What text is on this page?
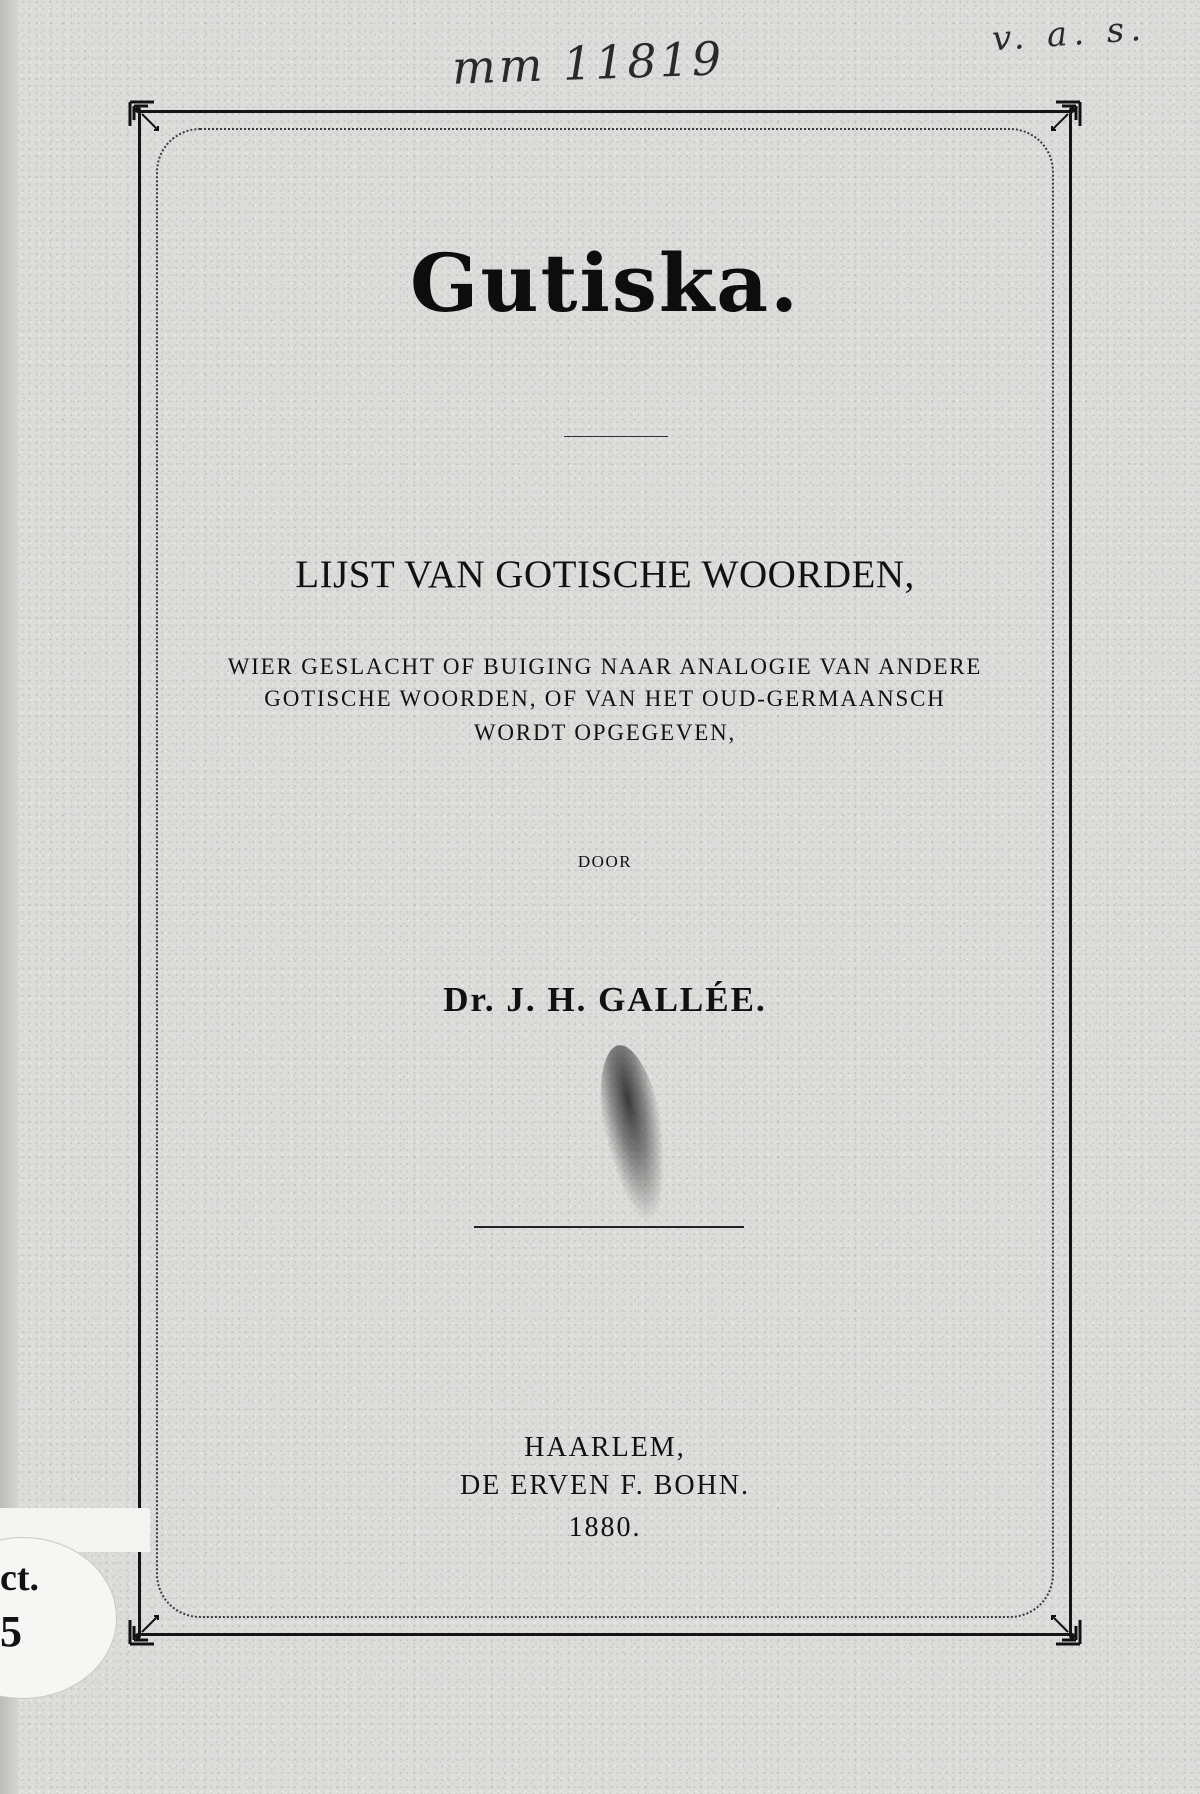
mm 11819	v. a. s.
Gutiska.
LIJST VAN GOTISCHE WOORDEN,
WIER GESLACHT OF BUIGING NAAR ANALOGIE VAN ANDERE
GOTISCHE WOORDEN, OF VAN HET OUD-GERMAANSCH
WORDT OPGEGEVEN,
DOOR
Dr. J. H. GALLÉE.
HAARLEM,
DE ERVEN F. BOHN.
1880.
ct.
5
